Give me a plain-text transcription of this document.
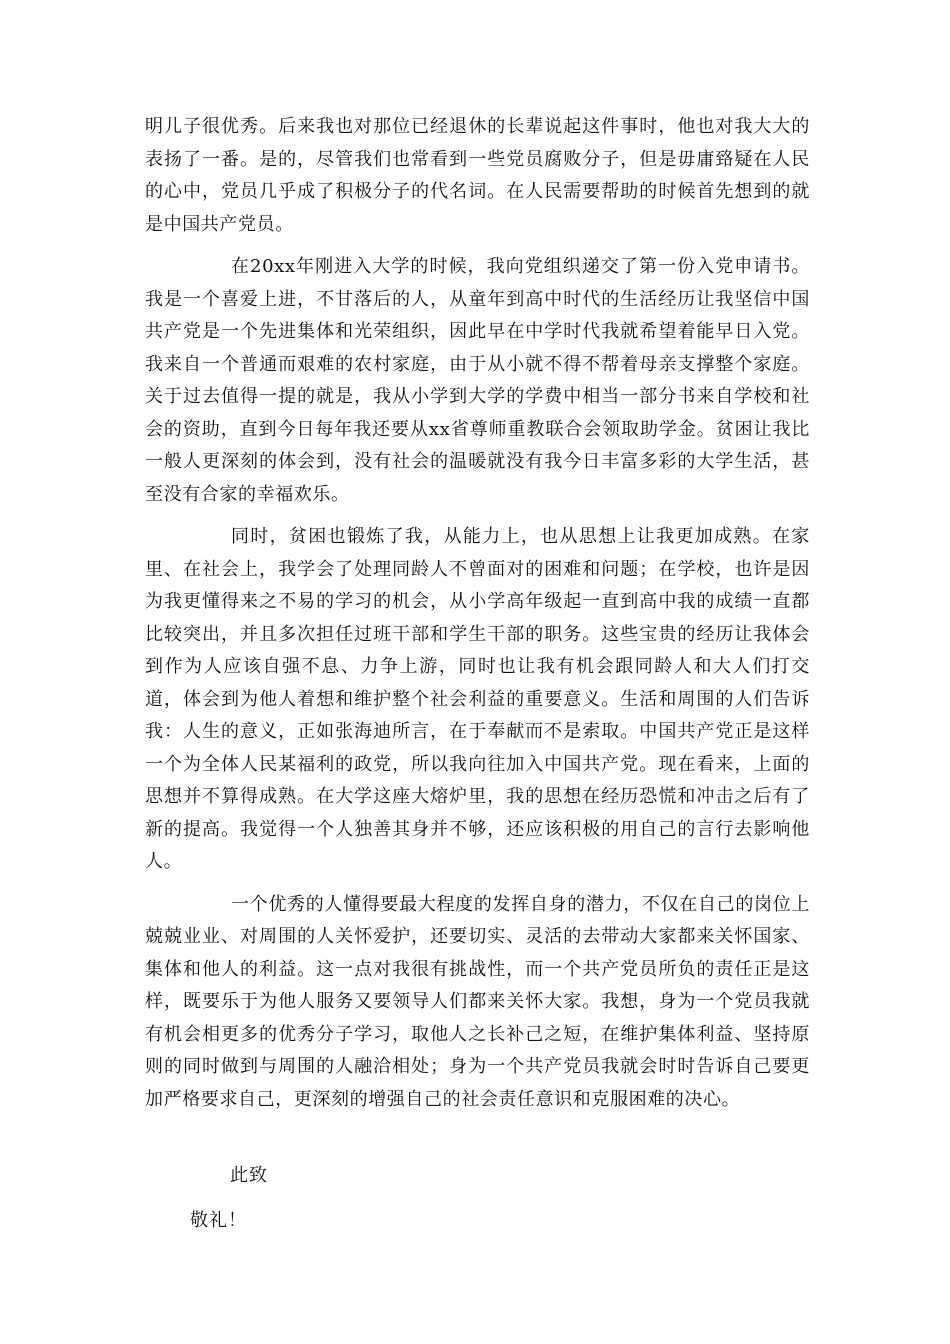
明儿子很优秀。后来我也对那位已经退休的长辈说起这件事时，他也对我大大的表扬了一番。是的，尽管我们也常看到一些党员腐败分子，但是毋庸臵疑在人民的心中，党员几乎成了积极分子的代名词。在人民需要帮助的时候首先想到的就是中国共产党员。

在20xx年刚进入大学的时候，我向党组织递交了第一份入党申请书。我是一个喜爱上进，不甘落后的人，从童年到高中时代的生活经历让我坚信中国共产党是一个先进集体和光荣组织，因此早在中学时代我就希望着能早日入党。我来自一个普通而艰难的农村家庭，由于从小就不得不帮着母亲支撑整个家庭。关于过去值得一提的就是，我从小学到大学的学费中相当一部分书来自学校和社会的资助，直到今日每年我还要从xx省尊师重教联合会领取助学金。贫困让我比一般人更深刻的体会到，没有社会的温暖就没有我今日丰富多彩的大学生活，甚至没有合家的幸福欢乐。

同时，贫困也锻炼了我，从能力上，也从思想上让我更加成熟。在家里、在社会上，我学会了处理同龄人不曾面对的困难和问题；在学校，也许是因为我更懂得来之不易的学习的机会，从小学高年级起一直到高中我的成绩一直都比较突出，并且多次担任过班干部和学生干部的职务。这些宝贵的经历让我体会到作为人应该自强不息、力争上游，同时也让我有机会跟同龄人和大人们打交道，体会到为他人着想和维护整个社会利益的重要意义。生活和周围的人们告诉我：人生的意义，正如张海迪所言，在于奉献而不是索取。中国共产党正是这样一个为全体人民某福利的政党，所以我向往加入中国共产党。现在看来，上面的思想并不算得成熟。在大学这座大熔炉里，我的思想在经历恐慌和冲击之后有了新的提高。我觉得一个人独善其身并不够，还应该积极的用自己的言行去影响他人。

一个优秀的人懂得要最大程度的发挥自身的潜力，不仅在自己的岗位上兢兢业业、对周围的人关怀爱护，还要切实、灵活的去带动大家都来关怀国家、集体和他人的利益。这一点对我很有挑战性，而一个共产党员所负的责任正是这样，既要乐于为他人服务又要领导人们都来关怀大家。我想，身为一个党员我就有机会相更多的优秀分子学习，取他人之长补己之短，在维护集体利益、坚持原则的同时做到与周围的人融洽相处；身为一个共产党员我就会时时告诉自己要更加严格要求自己，更深刻的增强自己的社会责任意识和克服困难的决心。

此致
敬礼！
